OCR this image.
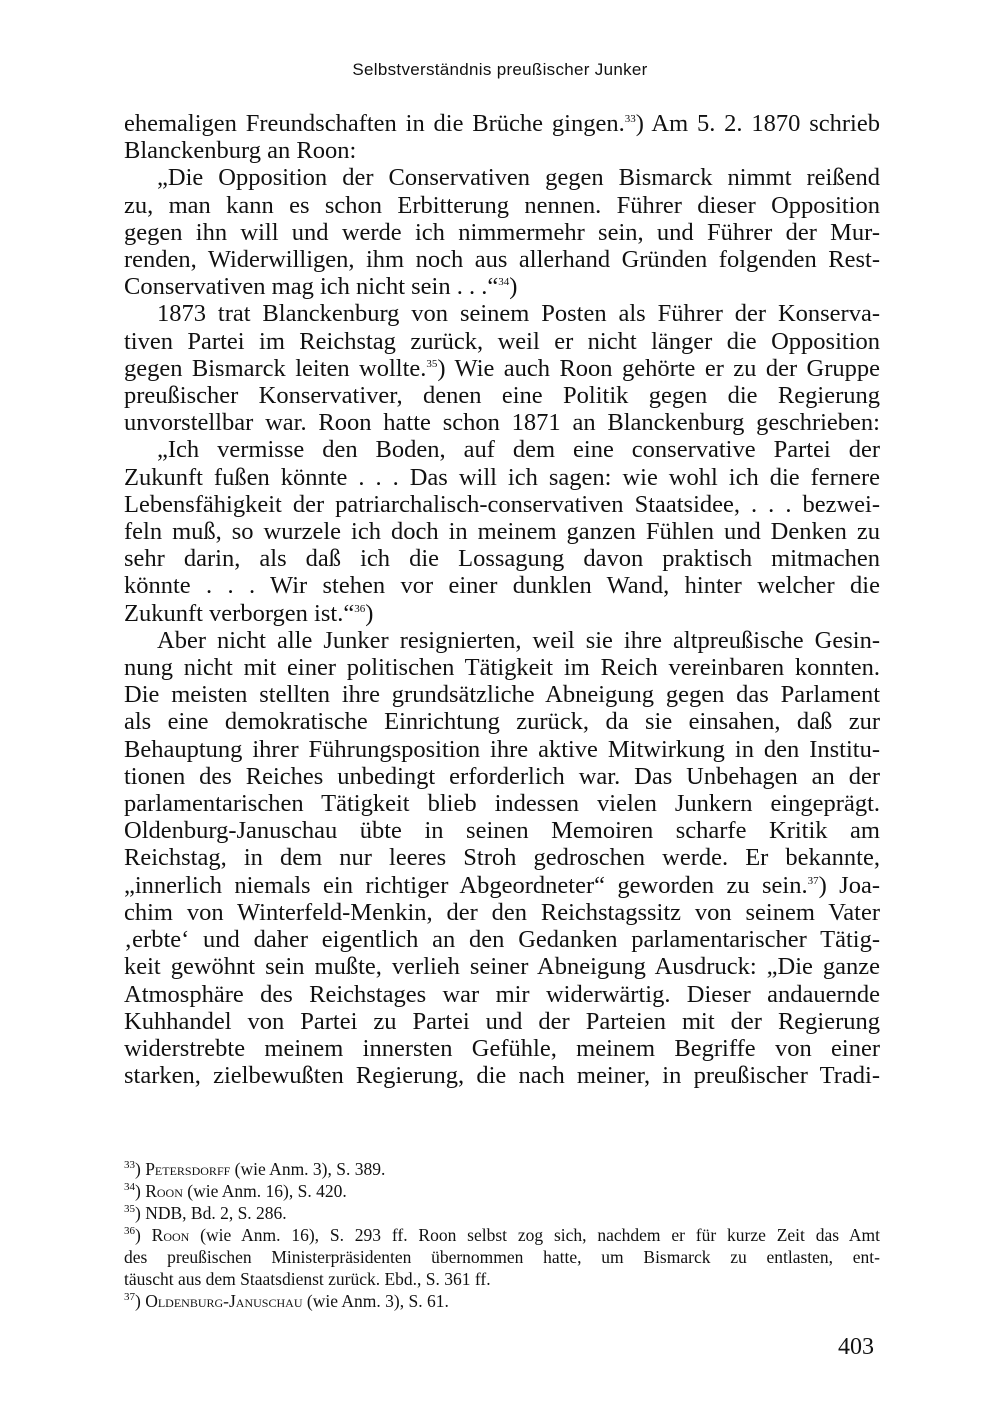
Selbstverständnis preußischer Junker
ehemaligen Freundschaften in die Brüche gingen.$^{33}$) Am 5. 2. 1870 schrieb
Blanckenburg an Roon:
„Die Opposition der Conservativen gegen Bismarck nimmt reißend
zu, man kann es schon Erbitterung nennen. Führer dieser Opposition
gegen ihn will und werde ich nimmermehr sein, und Führer der Mur-
renden, Widerwilligen, ihm noch aus allerhand Gründen folgenden Rest-
Conservativen mag ich nicht sein . . .“$^{34}$)
1873 trat Blanckenburg von seinem Posten als Führer der Konserva-
tiven Partei im Reichstag zurück, weil er nicht länger die Opposition
gegen Bismarck leiten wollte.$^{35}$) Wie auch Roon gehörte er zu der Gruppe
preußischer Konservativer, denen eine Politik gegen die Regierung
unvorstellbar war. Roon hatte schon 1871 an Blanckenburg geschrieben:
„Ich vermisse den Boden, auf dem eine conservative Partei der
Zukunft fußen könnte . . . Das will ich sagen: wie wohl ich die fernere
Lebensfähigkeit der patriarchalisch-conservativen Staatsidee, . . . bezwei-
feln muß, so wurzele ich doch in meinem ganzen Fühlen und Denken zu
sehr darin, als daß ich die Lossagung davon praktisch mitmachen
könnte . . . Wir stehen vor einer dunklen Wand, hinter welcher die
Zukunft verborgen ist.“$^{36}$)
Aber nicht alle Junker resignierten, weil sie ihre altpreußische Gesin-
nung nicht mit einer politischen Tätigkeit im Reich vereinbaren konnten.
Die meisten stellten ihre grundsätzliche Abneigung gegen das Parlament
als eine demokratische Einrichtung zurück, da sie einsahen, daß zur
Behauptung ihrer Führungsposition ihre aktive Mitwirkung in den Institu-
tionen des Reiches unbedingt erforderlich war. Das Unbehagen an der
parlamentarischen Tätigkeit blieb indessen vielen Junkern eingeprägt.
Oldenburg-Januschau übte in seinen Memoiren scharfe Kritik am
Reichstag, in dem nur leeres Stroh gedroschen werde. Er bekannte,
„innerlich niemals ein richtiger Abgeordneter“ geworden zu sein.$^{37}$) Joa-
chim von Winterfeld-Menkin, der den Reichstagssitz von seinem Vater
‚erbte‘ und daher eigentlich an den Gedanken parlamentarischer Tätig-
keit gewöhnt sein mußte, verlieh seiner Abneigung Ausdruck: „Die ganze
Atmosphäre des Reichstages war mir widerwärtig. Dieser andauernde
Kuhhandel von Partei zu Partei und der Parteien mit der Regierung
widerstrebte meinem innersten Gefühle, meinem Begriffe von einer
starken, zielbewußten Regierung, die nach meiner, in preußischer Tradi-
$^{33}$) Petersdorff (wie Anm. 3), S. 389.
$^{34}$) Roon (wie Anm. 16), S. 420.
$^{35}$) NDB, Bd. 2, S. 286.
$^{36}$) Roon (wie Anm. 16), S. 293 ff. Roon selbst zog sich, nachdem er für kurze Zeit das Amt
des preußischen Ministerpräsidenten übernommen hatte, um Bismarck zu entlasten, ent-
täuscht aus dem Staatsdienst zurück. Ebd., S. 361 ff.
$^{37}$) Oldenburg-Januschau (wie Anm. 3), S. 61.
403
